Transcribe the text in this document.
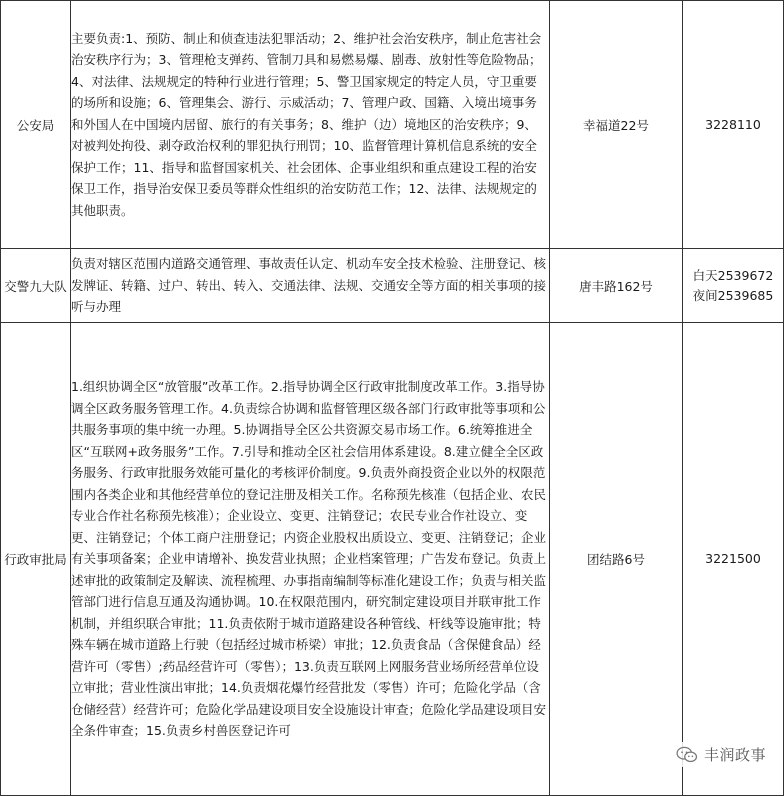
公安局	主要负责:1、预防、制止和侦查违法犯罪活动；2、维护社会治安秩序，制止危害社会治安秩序行为；3、管理枪支弹药、管制刀具和易燃易爆、剧毒、放射性等危险物品；4、对法律、法规规定的特种行业进行管理；5、警卫国家规定的特定人员，守卫重要的场所和设施；6、管理集会、游行、示威活动；7、管理户政、国籍、入境出境事务和外国人在中国境内居留、旅行的有关事务；8、维护（边）境地区的治安秩序；9、对被判处拘役、剥夺政治权利的罪犯执行刑罚；10、监督管理计算机信息系统的安全保护工作；11、指导和监督国家机关、社会团体、企事业组织和重点建设工程的治安保卫工作，指导治安保卫委员等群众性组织的治安防范工作；12、法律、法规规定的其他职责。	幸福道22号	3228110

交警九大队	负责对辖区范围内道路交通管理、事故责任认定、机动车安全技术检验、注册登记、核发牌证、转籍、过户、转出、转入、交通法律、法规、交通安全等方面的相关事项的接听与办理	唐丰路162号	白天2539672
夜间2539685

行政审批局	1.组织协调全区“放管服”改革工作。2.指导协调全区行政审批制度改革工作。3.指导协调全区政务服务管理工作。4.负责综合协调和监督管理区级各部门行政审批等事项和公共服务事项的集中统一办理。5.协调指导全区公共资源交易市场工作。6.统筹推进全区“互联网+政务服务”工作。7.引导和推动全区社会信用体系建设。8.建立健全全区政务服务、行政审批服务效能可量化的考核评价制度。9.负责外商投资企业以外的权限范围内各类企业和其他经营单位的登记注册及相关工作。名称预先核准（包括企业、农民专业合作社名称预先核准）；企业设立、变更、注销登记；农民专业合作社设立、变更、注销登记；个体工商户注册登记；内资企业股权出质设立、变更、注销登记；企业有关事项备案；企业申请增补、换发营业执照；企业档案管理；广告发布登记。负责上述审批的政策制定及解读、流程梳理、办事指南编制等标准化建设工作；负责与相关监管部门进行信息互通及沟通协调。10.在权限范围内，研究制定建设项目并联审批工作机制，并组织联合审批；11.负责依附于城市道路建设各种管线、杆线等设施审批；特殊车辆在城市道路上行驶（包括经过城市桥梁）审批；12.负责食品（含保健食品）经营许可（零售）;药品经营许可（零售）；13.负责互联网上网服务营业场所经营单位设立审批；营业性演出审批；14.负责烟花爆竹经营批发（零售）许可；危险化学品（含仓储经营）经营许可；危险化学品建设项目安全设施设计审查；危险化学品建设项目安全条件审查；15.负责乡村兽医登记许可	团结路6号	3221500
丰润政事
